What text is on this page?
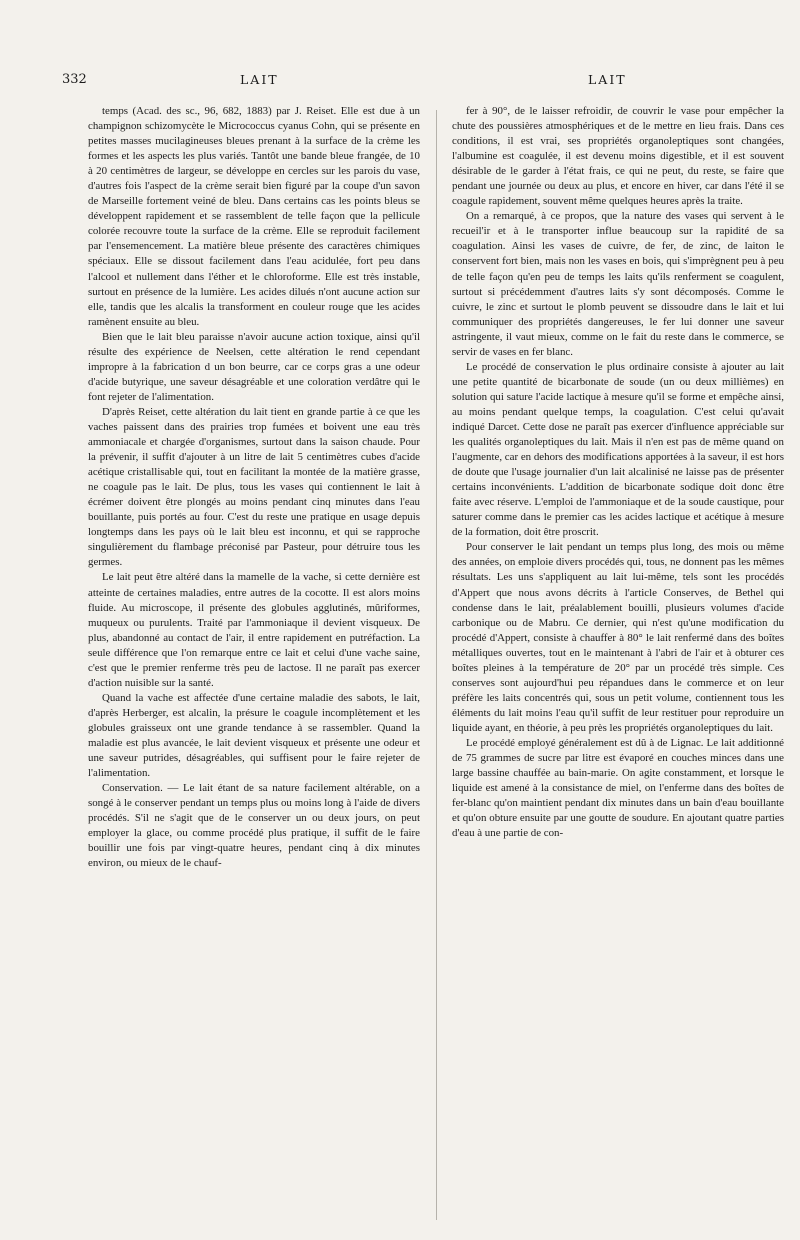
332	LAIT	LAIT

temps (Acad. des sc., 96, 682, 1883) par J. Reiset. Elle est due à un champignon schizomycète le Micrococcus cyanus Cohn, qui se présente en petites masses mucilagineuses bleues prenant à la surface de la crème les formes et les aspects les plus variés. Tantôt une bande bleue frangée, de 10 à 20 centimètres de largeur, se développe en cercles sur les parois du vase, d'autres fois l'aspect de la crème serait bien figuré par la coupe d'un savon de Marseille fortement veiné de bleu. Dans certains cas les points bleus se développent rapidement et se rassemblent de telle façon que la pellicule colorée recouvre toute la surface de la crème. Elle se reproduit facilement par l'ensemencement. La matière bleue présente des caractères chimiques spéciaux. Elle se dissout facilement dans l'eau acidulée, fort peu dans l'alcool et nullement dans l'éther et le chloroforme. Elle est très instable, surtout en présence de la lumière. Les acides dilués n'ont aucune action sur elle, tandis que les alcalis la transforment en couleur rouge que les acides ramènent ensuite au bleu.

Bien que le lait bleu paraisse n'avoir aucune action toxique, ainsi qu'il résulte des expérience de Neelsen, cette altération le rend cependant impropre à la fabrication d un bon beurre, car ce corps gras a une odeur d'acide butyrique, une saveur désagréable et une coloration verdâtre qui le font rejeter de l'alimentation.

D'après Reiset, cette altération du lait tient en grande partie à ce que les vaches paissent dans des prairies trop fumées et boivent une eau très ammoniacale et chargée d'organismes, surtout dans la saison chaude. Pour la prévenir, il suffit d'ajouter à un litre de lait 5 centimètres cubes d'acide acétique cristallisable qui, tout en facilitant la montée de la matière grasse, ne coagule pas le lait. De plus, tous les vases qui contiennent le lait à écrémer doivent être plongés au moins pendant cinq minutes dans l'eau bouillante, puis portés au four. C'est du reste une pratique en usage depuis longtemps dans les pays où le lait bleu est inconnu, et qui se rapproche singulièrement du flambage préconisé par Pasteur, pour détruire tous les germes.

Le lait peut être altéré dans la mamelle de la vache, si cette dernière est atteinte de certaines maladies, entre autres de la cocotte. Il est alors moins fluide. Au microscope, il présente des globules agglutinés, mûriformes, muqueux ou purulents. Traité par l'ammoniaque il devient visqueux. De plus, abandonné au contact de l'air, il entre rapidement en putréfaction. La seule différence que l'on remarque entre ce lait et celui d'une vache saine, c'est que le premier renferme très peu de lactose. Il ne paraît pas exercer d'action nuisible sur la santé.

Quand la vache est affectée d'une certaine maladie des sabots, le lait, d'après Herberger, est alcalin, la présure le coagule incomplètement et les globules graisseux ont une grande tendance à se rassembler. Quand la maladie est plus avancée, le lait devient visqueux et présente une odeur et une saveur putrides, désagréables, qui suffisent pour le faire rejeter de l'alimentation.

Conservation. — Le lait étant de sa nature facilement altérable, on a songé à le conserver pendant un temps plus ou moins long à l'aide de divers procédés. S'il ne s'agit que de le conserver un ou deux jours, on peut employer la glace, ou comme procédé plus pratique, il suffit de le faire bouillir une fois par vingt-quatre heures, pendant cinq à dix minutes environ, ou mieux de le chauf-

fer à 90°, de le laisser refroidir, de couvrir le vase pour empêcher la chute des poussières atmosphériques et de le mettre en lieu frais. Dans ces conditions, il est vrai, ses propriétés organoleptiques sont changées, l'albumine est coagulée, il est devenu moins digestible, et il est souvent désirable de le garder à l'état frais, ce qui ne peut, du reste, se faire que pendant une journée ou deux au plus, et encore en hiver, car dans l'été il se coagule rapidement, souvent même quelques heures après la traite.

On a remarqué, à ce propos, que la nature des vases qui servent à le recueil'ir et à le transporter influe beaucoup sur la rapidité de sa coagulation. Ainsi les vases de cuivre, de fer, de zinc, de laiton le conservent fort bien, mais non les vases en bois, qui s'imprègnent peu à peu de telle façon qu'en peu de temps les laits qu'ils renferment se coagulent, surtout si précédemment d'autres laits s'y sont décomposés. Comme le cuivre, le zinc et surtout le plomb peuvent se dissoudre dans le lait et lui communiquer des propriétés dangereuses, le fer lui donner une saveur astringente, il vaut mieux, comme on le fait du reste dans le commerce, se servir de vases en fer blanc.

Le procédé de conservation le plus ordinaire consiste à ajouter au lait une petite quantité de bicarbonate de soude (un ou deux millièmes) en solution qui sature l'acide lactique à mesure qu'il se forme et empêche ainsi, au moins pendant quelque temps, la coagulation. C'est celui qu'avait indiqué Darcet. Cette dose ne paraît pas exercer d'influence appréciable sur les qualités organoleptiques du lait. Mais il n'en est pas de même quand on l'augmente, car en dehors des modifications apportées à la saveur, il est hors de doute que l'usage journalier d'un lait alcalinisé ne laisse pas de présenter certains inconvénients. L'addition de bicarbonate sodique doit donc être faite avec réserve. L'emploi de l'ammoniaque et de la soude caustique, pour saturer comme dans le premier cas les acides lactique et acétique à mesure de la formation, doit être proscrit.

Pour conserver le lait pendant un temps plus long, des mois ou même des années, on emploie divers procédés qui, tous, ne donnent pas les mêmes résultats. Les uns s'appliquent au lait lui-même, tels sont les procédés d'Appert que nous avons décrits à l'article Conserves, de Bethel qui condense dans le lait, préalablement bouilli, plusieurs volumes d'acide carbonique ou de Mabru. Ce dernier, qui n'est qu'une modification du procédé d'Appert, consiste à chauffer à 80° le lait renfermé dans des boîtes métalliques ouvertes, tout en le maintenant à l'abri de l'air et à obturer ces boîtes pleines à la température de 20° par un procédé très simple. Ces conserves sont aujourd'hui peu répandues dans le commerce et on leur préfère les laits concentrés qui, sous un petit volume, contiennent tous les éléments du lait moins l'eau qu'il suffit de leur restituer pour reproduire un liquide ayant, en théorie, à peu près les propriétés organoleptiques du lait.

Le procédé employé généralement est dû à de Lignac. Le lait additionné de 75 grammes de sucre par litre est évaporé en couches minces dans une large bassine chauffée au bain-marie. On agite constamment, et lorsque le liquide est amené à la consistance de miel, on l'enferme dans des boîtes de fer-blanc qu'on maintient pendant dix minutes dans un bain d'eau bouillante et qu'on obture ensuite par une goutte de soudure. En ajoutant quatre parties d'eau à une partie de con-
